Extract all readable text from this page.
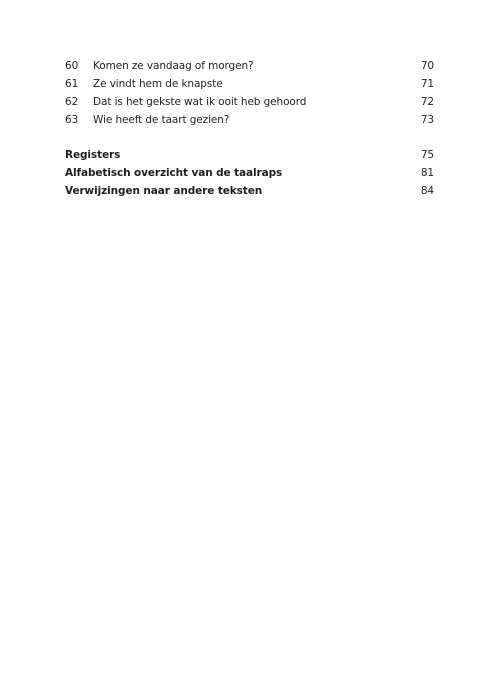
60	Komen ze vandaag of morgen?	70
61	Ze vindt hem de knapste	71
62	Dat is het gekste wat ik ooit heb gehoord	72
63	Wie heeft de taart gezien?	73
Registers	75
Alfabetisch overzicht van de taalraps	81
Verwijzingen naar andere teksten	84
